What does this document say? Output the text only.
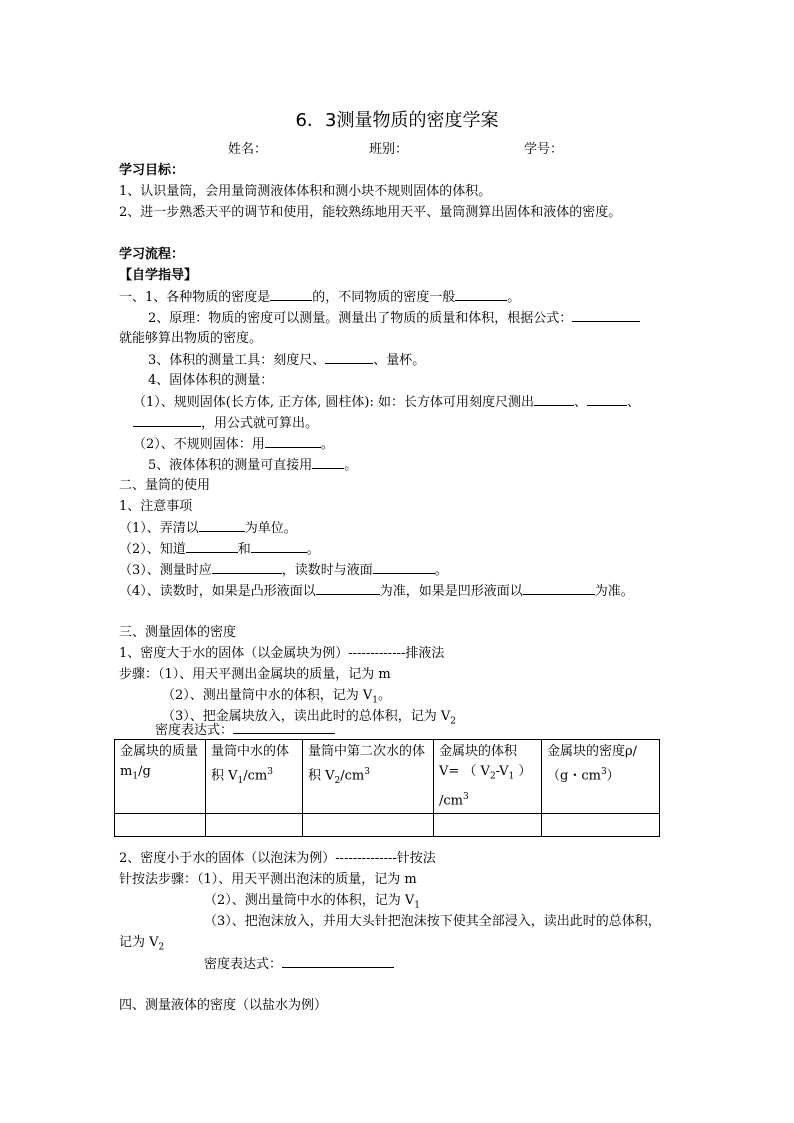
6．3测量物质的密度学案
姓名：	班别：	学号：
学习目标：
1、认识量筒，会用量筒测液体体积和测小块不规则固体的体积。
2、进一步熟悉天平的调节和使用，能较熟练地用天平、量筒测算出固体和液体的密度。
学习流程：
【自学指导】
一、1、各种物质的密度是	的，不同物质的密度一般	。
2、原理：物质的密度可以测量。测量出了物质的质量和体积，根据公式：
就能够算出物质的密度。
3、体积的测量工具：刻度尺、	、量杯。
4、固体体积的测量：
（1）、规则固体(长方体, 正方体, 圆柱体): 如：长方体可用刻度尺测出	、	、
，用公式就可算出。
（2）、不规则固体：用	。
5、液体体积的测量可直接用 。
二、量筒的使用
1、注意事项
（1）、弄清以	为单位。
（2）、知道	和	。
（3）、测量时应	，读数时与液面	。
（4）、读数时，如果是凸形液面以	为准，如果是凹形液面以	为准。
三、测量固体的密度
1、密度大于水的固体（以金属块为例）-------------排液法
步骤：（1）、用天平测出金属块的质量，记为 m
（2）、测出量筒中水的体积，记为 $V_1$。
（3）、把金属块放入，读出此时的总体积，记为 $V_2$
密度表达式：
金属块的质量 $m_1/g$	量筒中水的体积 $V_1/cm^3$	量筒中第二次水的体积 $V_2/cm^3$	金属块的体积 V= （ $V_2-V_1$ ）
$/cm^3$	金属块的密度ρ/（g・$cm^3$）

2、密度小于水的固体（以泡沫为例）--------------针按法
针按法步骤：（1）、用天平测出泡沫的质量，记为 m
（2）、测出量筒中水的体积，记为 $V_1$
（3）、把泡沫放入，并用大头针把泡沫按下使其全部浸入，读出此时的总体积，
记为 $V_2$
密度表达式：
四、测量液体的密度（以盐水为例）
